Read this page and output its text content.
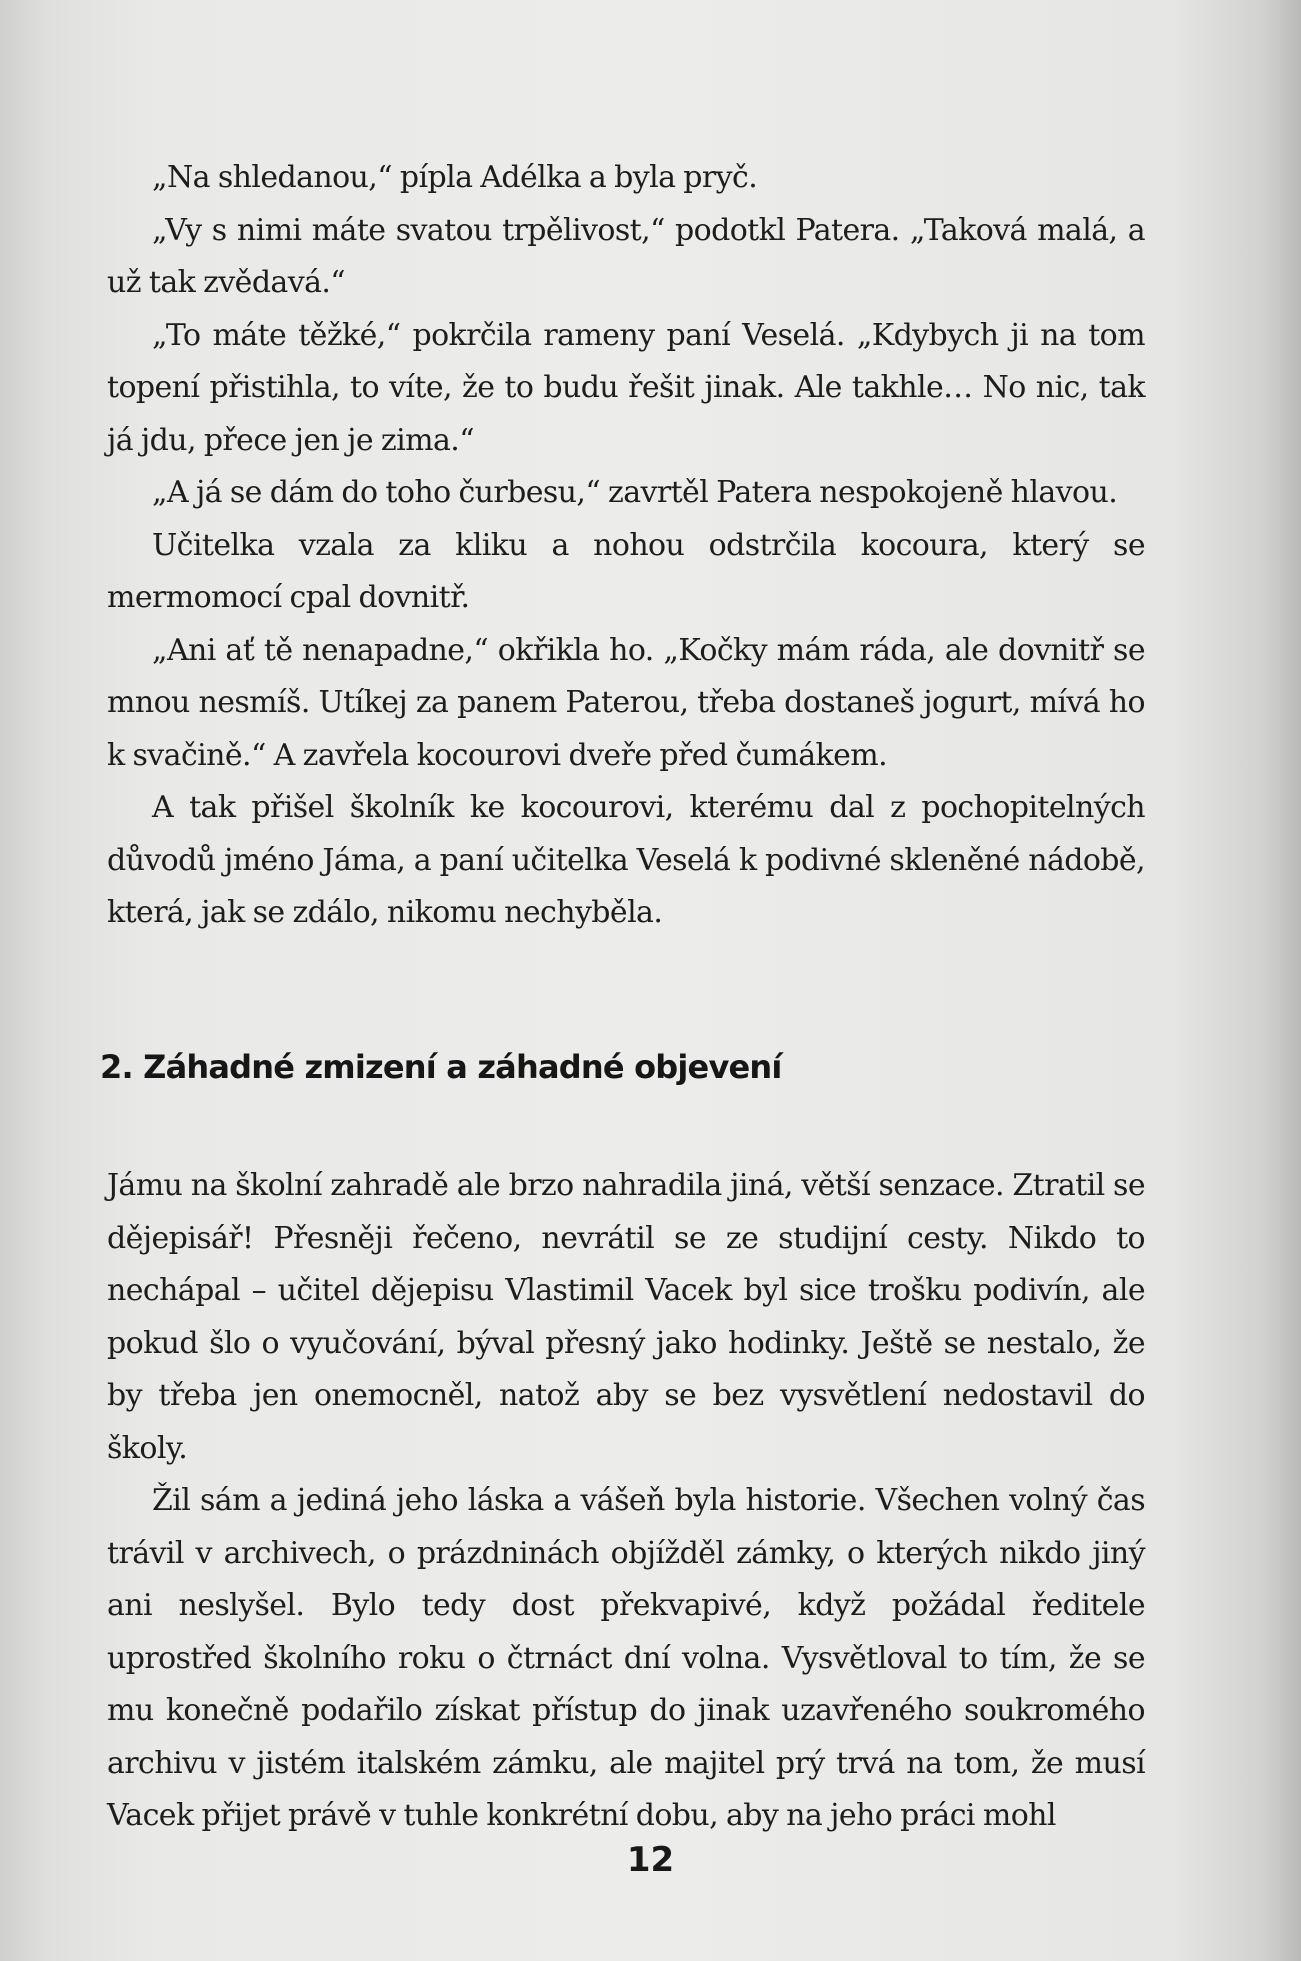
„Na shledanou,“ pípla Adélka a byla pryč.

„Vy s nimi máte svatou trpělivost,“ podotkl Patera. „Taková malá, a už tak zvědavá.“

„To máte těžké,“ pokrčila rameny paní Veselá. „Kdybych ji na tom topení přistihla, to víte, že to budu řešit jinak. Ale takhle… No nic, tak já jdu, přece jen je zima.“

„A já se dám do toho čurbesu,“ zavrtěl Patera nespokojeně hlavou.

Učitelka vzala za kliku a nohou odstrčila kocoura, který se mermomocí cpal dovnitř.

„Ani ať tě nenapadne,“ okřikla ho. „Kočky mám ráda, ale dovnitř se mnou nesmíš. Utíkej za panem Paterou, třeba dostaneš jogurt, mívá ho k svačině.“ A zavřela kocourovi dveře před čumákem.

A tak přišel školník ke kocourovi, kterému dal z pochopitelných důvodů jméno Jáma, a paní učitelka Veselá k podivné skleněné nádobě, která, jak se zdálo, nikomu nechyběla.

2. Záhadné zmizení a záhadné objevení

Jámu na školní zahradě ale brzo nahradila jiná, větší senzace. Ztratil se dějepisář! Přesněji řečeno, nevrátil se ze studijní cesty. Nikdo to nechápal – učitel dějepisu Vlastimil Vacek byl sice trošku podivín, ale pokud šlo o vyučování, býval přesný jako hodinky. Ještě se nestalo, že by třeba jen onemocněl, natož aby se bez vysvětlení nedostavil do školy.

Žil sám a jediná jeho láska a vášeň byla historie. Všechen volný čas trávil v archivech, o prázdninách objížděl zámky, o kterých nikdo jiný ani neslyšel. Bylo tedy dost překvapivé, když požádal ředitele uprostřed školního roku o čtrnáct dní volna. Vysvětloval to tím, že se mu konečně podařilo získat přístup do jinak uzavřeného soukromého archivu v jistém italském zámku, ale majitel prý trvá na tom, že musí Vacek přijet právě v tuhle konkrétní dobu, aby na jeho práci mohl

12
